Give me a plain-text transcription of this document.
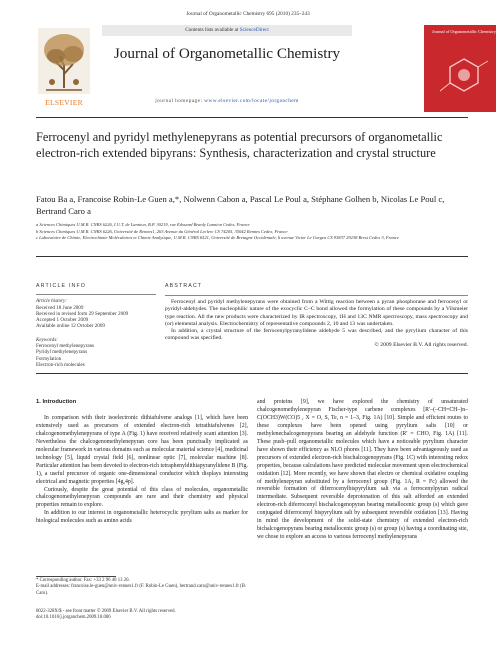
Journal of Organometallic Chemistry 695 (2010) 235–243
ELSEVIER
Contents lists available at ScienceDirect
Journal of Organometallic Chemistry
journal homepage: www.elsevier.com/locate/jorganchem
Journal of Organometallic Chemistry
Ferrocenyl and pyridyl methylenepyrans as potential precursors of organometallic electron-rich extended bipyrans: Synthesis, characterization and crystal structure
Fatou Ba a, Francoise Robin-Le Guen a,*, Nolwenn Cabon a, Pascal Le Poul a, Stéphane Golhen b, Nicolas Le Poul c, Bertrand Caro a
a Sciences Chimiques U.M.R. CNRS 6226, I.U.T. de Lannion, B.P. 30219, rue Edouard Branly Lannion Cedex, France
b Sciences Chimiques U.M.R. CNRS 6226, Université de Rennes1, 263 Avenue du Général Leclerc CS 74205, 35042 Rennes Cedex, France
c Laboratoire de Chimie, Electrochimie Moléculaires et Chimie Analytique, U.M.R. CNRS 6521, Université de Bretagne Occidentale, 6 avenue Victor Le Gorgeu CS 93837 29238 Brest Cedex 3, France
ARTICLE INFO
Article history:
Received 18 June 2009
Received in revised form 29 September 2009
Accepted 1 October 2009
Available online 12 October 2009
Keywords:
Ferrocenyl methylenepyrans
Pyridyl methylenepyrans
Formylation
Electron-rich molecules
ABSTRACT

Ferrocenyl and pyridyl methylenepyrans were obtained from a Wittig reaction between a pyran phosphorane and ferrocenyl or pyridyl-aldehydes. The nucleophilic nature of the exocyclic C–C bond allowed the formylation of these compounds by a Vilsmeier type reaction. All the new products were characterized by IR spectroscopy, 1H and 13C NMR spectroscopy, mass spectroscopy and (or) elemental analysis. Electrochemistry of representative compounds 2, 10 and 13 was undertaken.

In addition, a crystal structure of the ferrocenylpyranylidene aldehyde 5 was described, and the pyrylium character of this compound was specified.

© 2009 Elsevier B.V. All rights reserved.
1. Introduction

In comparison with their isoelectronic dithiafulvene analogs [1], which have been extensively used as precursors of extended electron-rich tetrathiafulvenes [2], chalcogenomethylenepyrans of type A (Fig. 1) have received relatively scant attention [3]. Nevertheless the chalcogenomethylenepyran core has been punctually implicated as molecular framework in various domains such as molecular material science [4], medicinal technology [5], liquid crystal field [6], nonlinear optic [7], molecular machine [8]. Particular attention has been devoted to electron-rich tetraphenyldithiapyranylidene B (Fig. 1), a useful precursor of organic one-dimensional conductor which displays interesting electrical and magnetic properties [4g,4p].

Curiously, despite the great potential of this class of molecules, organometallic chalcogenomethylenepyran compounds are rare and their chemistry and physical properties remain to explore.

In addition to our interest in organometallic heterocyclic pyrylium salts as marker for biological molecules such as amino acids

and proteins [9], we have explored the chemistry of unsaturated chalcogenomethylenepyran Fischer-type carbene complexes [R′–(–CH=CH–)n–C(OCH3)W(CO)5 , X = O, S, Te, n = 1–3, Fig. 1A) [10]. Simple and efficient routes to these complexes have been opened using pyrylium salts [10] or methylenechalcogenopyrans bearing an aldehyde function (R′ = CHO, Fig. 1A) [11]. These push–pull organometallic molecules which have a noticeable pyrylium character have shown their efficiency as NLO phores [11]. They have been advantageously used as precursors of extended electron-rich bischalcogenopyrans (Fig. 1C) with interesting redox properties, because calculations have predicted molecular movement upon electrochemical oxidation [12]. More recently, we have shown that electro or chemical oxidative coupling of methylenepyran substituted by a ferrocenyl group (Fig. 1A, R = Fc) allowed the reversible formation of diferrocenylbispyrylium salt via a ferrocenylpyran radical intermediate. Subsequent reversible deprotonation of this salt afforded an extended electron-rich diferrocenyl bischalcogenopyran bearing metallocenic group (s) which gave conjugated diferrocenyl bispyrylium salt by subsequent reversible oxidation [13]. Having in mind the development of the solid-state chemistry of extended electron-rich bichalcogenopyrans bearing metallocenic group (s) or group (s) having a coordinating site, we chose to explore an access to various ferrocenyl methylenepyrans

* Corresponding author. Fax: +33 2 96 48 13 20.
E-mail addresses: francoise.le-guen@univ-rennes1.fr (F. Robin-Le Guen), bertrand.caro@univ-rennes1.fr (B. Caro).
0022-328X/$ - see front matter © 2009 Elsevier B.V. All rights reserved.
doi:10.1016/j.jorganchem.2009.10.006
